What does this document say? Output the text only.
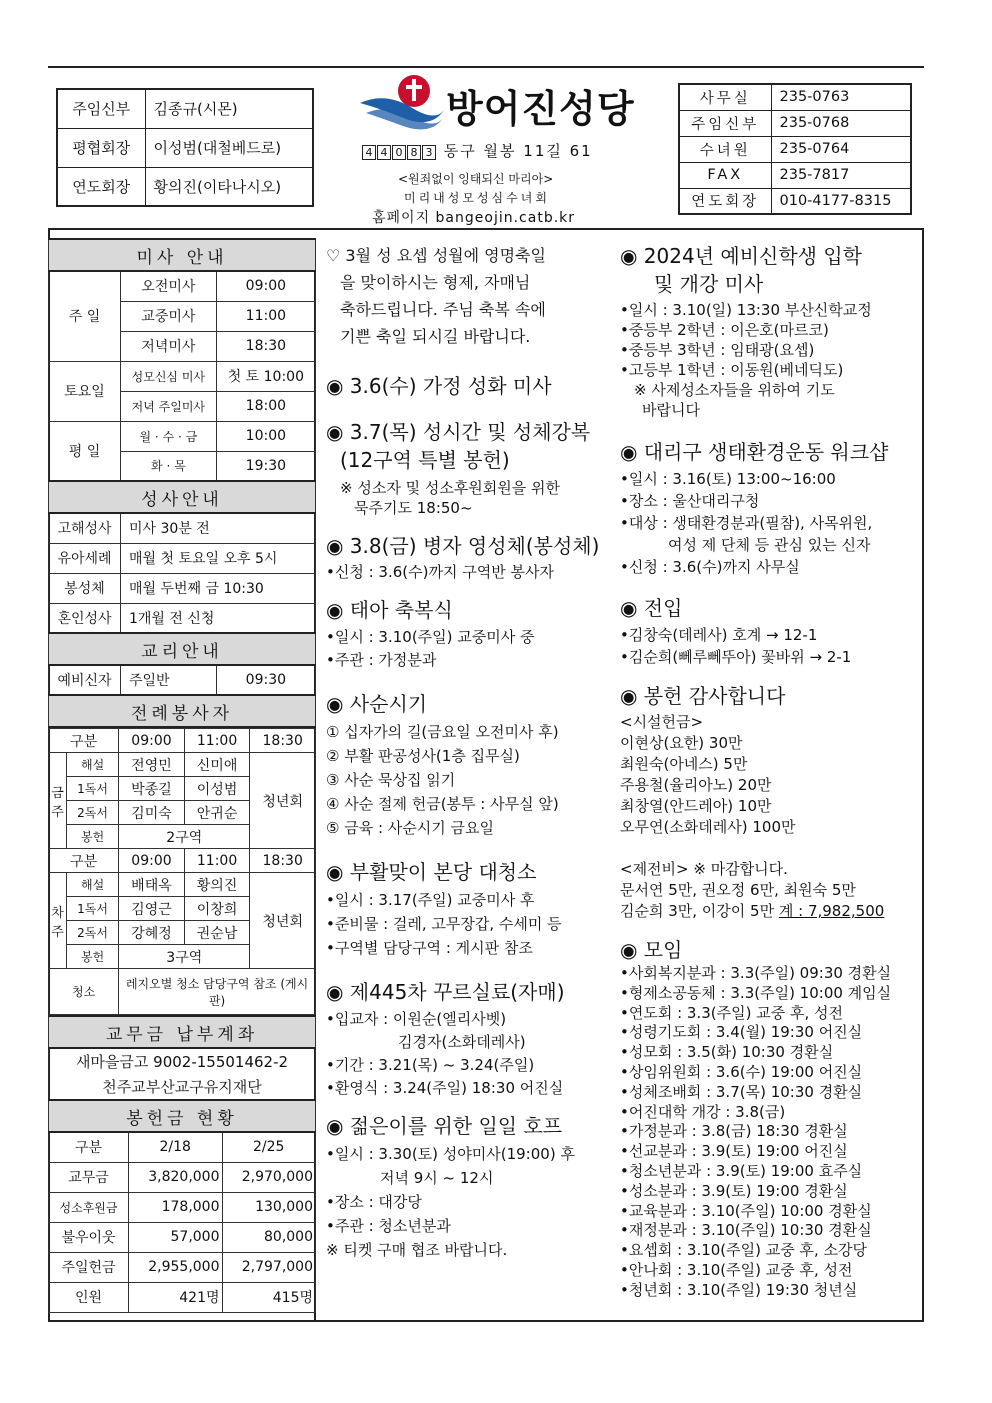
주임신부	김종규(시몬)
평협회장	이성범(대철베드로)
연도회장	황의진(이타나시오)
방어진성당
4 4 0 8 3 동구 월봉 11길 61
<원죄없이 잉태되신 마리아>
미리내성모성심수녀회
홈페이지 bangeojin.catb.kr
사무실	235-0763
주임신부	235-0768
수녀원	235-0764
FAX	235-7817
연도회장	010-4177-8315
미사 안내		
주 일	오전미사	09:00
	교중미사	11:00
	저녁미사	18:30
토요일	성모신심 미사	첫 토 10:00
	저녁 주일미사	18:00
평 일	월 · 수 · 금	10:00
	화 · 목	19:30
성사안내		
고해성사	미사 30분 전	
유아세례	매월 첫 토요일 오후 5시	
봉성체	매월 두번째 금 10:30	
혼인성사	1개월 전 신청	
교리안내		
예비신자	주일반	09:30
전례봉사자		
구분		09:00	11:00	18:30
금주	해설	전영민	신미애	청년회
	1독서	박종길	이성범	
	2독서	김미숙	안귀순	
	봉헌	2구역		
구분		09:00	11:00	18:30
차주	해설	배태옥	황의진	청년회
	1독서	김영근	이창희	
	2독서	강혜정	권순남	
	봉헌	3구역		
청소		레지오별 청소 담당구역 참조 (게시판)		
교무금 납부계좌		
새마을금고 9002-15501462-2		
천주교부산교구유지재단		
봉헌금 현황		
구분	2/18	2/25
교무금	3,820,000	2,970,000
성소후원금	178,000	130,000
불우이웃	57,000	80,000
주일헌금	2,955,000	2,797,000
인원	421명	415명
♡ 3월 성 요셉 성월에 영명축일
을 맞이하시는 형제, 자매님
축하드립니다. 주님 축복 속에
기쁜 축일 되시길 바랍니다.
◉ 3.6(수) 가정 성화 미사
◉ 3.7(목) 성시간 및 성체강복
(12구역 특별 봉헌)
※ 성소자 및 성소후원회원을 위한
묵주기도 18:50~
◉ 3.8(금) 병자 영성체(봉성체)
•신청 : 3.6(수)까지 구역반 봉사자
◉ 태아 축복식
•일시 : 3.10(주일) 교중미사 중
•주관 : 가정분과
◉ 사순시기
① 십자가의 길(금요일 오전미사 후)
② 부활 판공성사(1층 집무실)
③ 사순 묵상집 읽기
④ 사순 절제 헌금(봉투 : 사무실 앞)
⑤ 금육 : 사순시기 금요일
◉ 부활맞이 본당 대청소
•일시 : 3.17(주일) 교중미사 후
•준비물 : 걸레, 고무장갑, 수세미 등
•구역별 담당구역 : 게시판 참조
◉ 제445차 꾸르실료(자매)
•입교자 : 이원순(엘리사벳)
김경자(소화데레사)
•기간 : 3.21(목) ~ 3.24(주일)
•환영식 : 3.24(주일) 18:30 어진실
◉ 젊은이를 위한 일일 호프
•일시 : 3.30(토) 성야미사(19:00) 후
저녁 9시 ~ 12시
•장소 : 대강당
•주관 : 청소년분과
※ 티켓 구매 협조 바랍니다.
◉ 2024년 예비신학생 입학
및 개강 미사
•일시 : 3.10(일) 13:30 부산신학교정
•중등부 2학년 : 이은호(마르코)
•중등부 3학년 : 임태광(요셉)
•고등부 1학년 : 이동원(베네딕도)
※ 사제성소자들을 위하여 기도
바랍니다
◉ 대리구 생태환경운동 워크샵
•일시 : 3.16(토) 13:00~16:00
•장소 : 울산대리구청
•대상 : 생태환경분과(필참), 사목위원,
여성 제 단체 등 관심 있는 신자
•신청 : 3.6(수)까지 사무실
◉ 전입
•김창숙(데레사) 호계 → 12-1
•김순희(뻬루뻬뚜아) 꽃바위 → 2-1
◉ 봉헌 감사합니다
<시설헌금>
이현상(요한) 30만
최원숙(아네스) 5만
주용철(율리아노) 20만
최창열(안드레아) 10만
오무연(소화데레사) 100만
<제전비> ※ 마감합니다.
문서연 5만, 권오정 6만, 최원숙 5만
김순희 3만, 이강이 5만 계 : 7,982,500
◉ 모임
•사회복지분과 : 3.3(주일) 09:30 경환실
•형제소공동체 : 3.3(주일) 10:00 계임실
•연도회 : 3.3(주일) 교중 후, 성전
•성령기도회 : 3.4(월) 19:30 어진실
•성모회 : 3.5(화) 10:30 경환실
•상임위원회 : 3.6(수) 19:00 어진실
•성체조배회 : 3.7(목) 10:30 경환실
•어진대학 개강 : 3.8(금)
•가정분과 : 3.8(금) 18:30 경환실
•선교분과 : 3.9(토) 19:00 어진실
•청소년분과 : 3.9(토) 19:00 효주실
•성소분과 : 3.9(토) 19:00 경환실
•교육분과 : 3.10(주일) 10:00 경환실
•재정분과 : 3.10(주일) 10:30 경환실
•요셉회 : 3.10(주일) 교중 후, 소강당
•안나회 : 3.10(주일) 교중 후, 성전
•청년회 : 3.10(주일) 19:30 청년실
